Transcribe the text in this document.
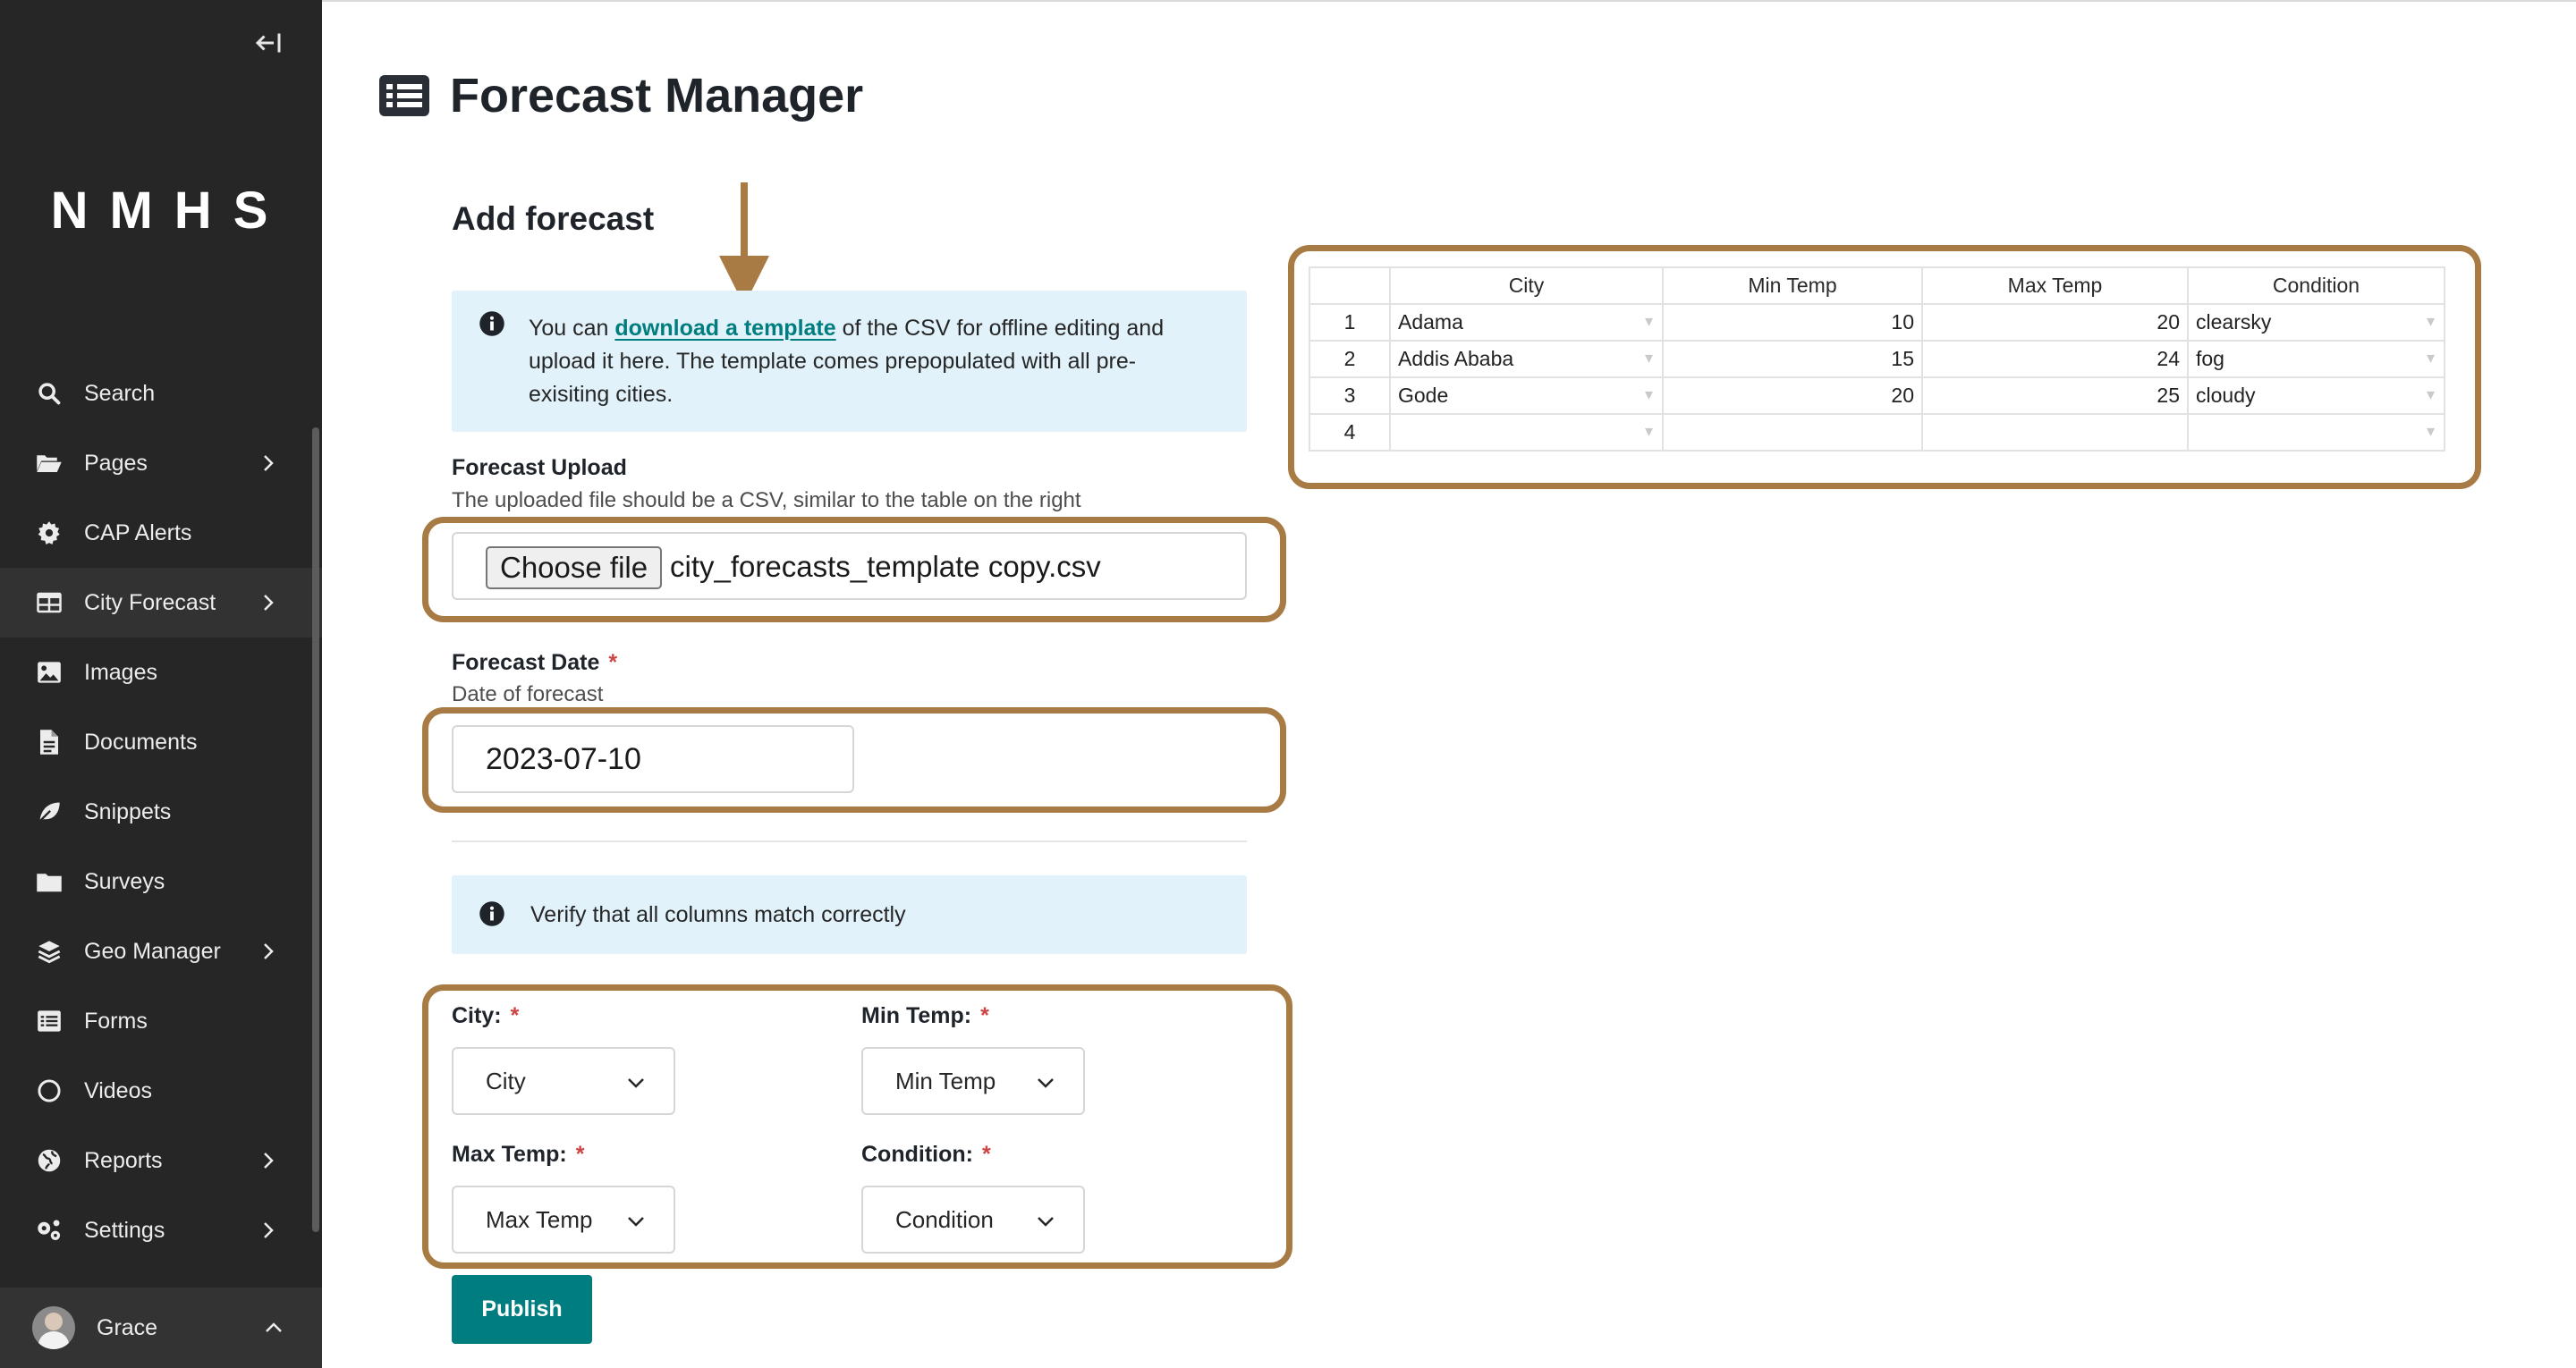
NMHS
Search
Pages
CAP Alerts
City Forecast
Images
Documents
Snippets
Surveys
Geo Manager
Forms
Videos
Reports
Settings
Grace
Forecast Manager
Add forecast

You can download a template of the CSV for offline editing and upload it here. The template comes prepopulated with all pre-exisiting cities.

Forecast Upload
The uploaded file should be a CSV, similar to the table on the right
Choose file city_forecasts_template copy.csv
Forecast Date *
Date of forecast
2023-07-10
Verify that all columns match correctly
City: *
City
Min Temp: *
Min Temp
Max Temp: *
Max Temp
Condition: *
Condition
Publish
	City	Min Temp	Max Temp	Condition
1	Adama ▾	10	20	clearsky ▾
2	Addis Ababa ▾	15	24	fog ▾
3	Gode ▾	20	25	cloudy ▾
4	▾			▾
